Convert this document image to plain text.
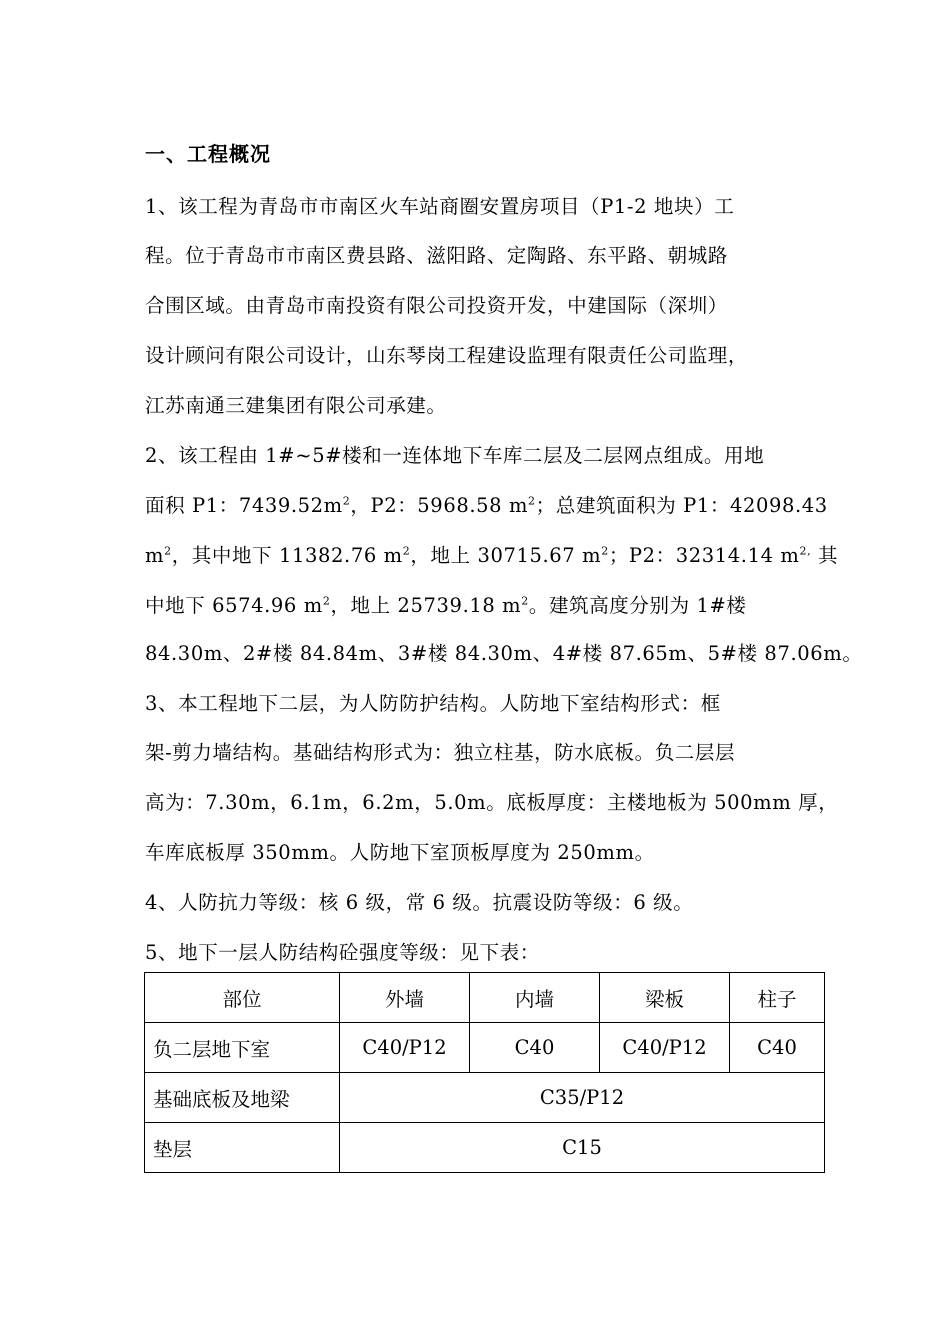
一、工程概况
1、该工程为青岛市市南区火车站商圈安置房项目（P1-2 地块）工
程。位于青岛市市南区费县路、滋阳路、定陶路、东平路、朝城路
合围区域。由青岛市南投资有限公司投资开发，中建国际（深圳）
设计顾问有限公司设计，山东琴岗工程建设监理有限责任公司监理，
江苏南通三建集团有限公司承建。
2、该工程由 1#~5#楼和一连体地下车库二层及二层网点组成。用地
面积 P1：$7439.52m^2$，P2：5968.58 $m^2$；总建筑面积为 P1：42098.43
$m^2$，其中地下 11382.76 $m^2$，地上 30715.67 $m^2$；P2：32314.14 $m^{2,}$ 其
中地下 6574.96 $m^2$，地上 25739.18 $m^2$。建筑高度分别为 1#楼
84.30m、2#楼 84.84m、3#楼 84.30m、4#楼 87.65m、5#楼 87.06m。
3、本工程地下二层，为人防防护结构。人防地下室结构形式：框
架-剪力墙结构。基础结构形式为：独立柱基，防水底板。负二层层
高为：7.30m，6.1m，6.2m，5.0m。底板厚度：主楼地板为 500mm 厚，
车库底板厚 350mm。人防地下室顶板厚度为 250mm。
4、人防抗力等级：核 6 级，常 6 级。抗震设防等级：6 级。
5、地下一层人防结构砼强度等级：见下表：
部位	外墙	内墙	梁板	柱子
负二层地下室	C40/P12	C40	C40/P12	C40
基础底板及地梁	C35/P12			
垫层	C15			
